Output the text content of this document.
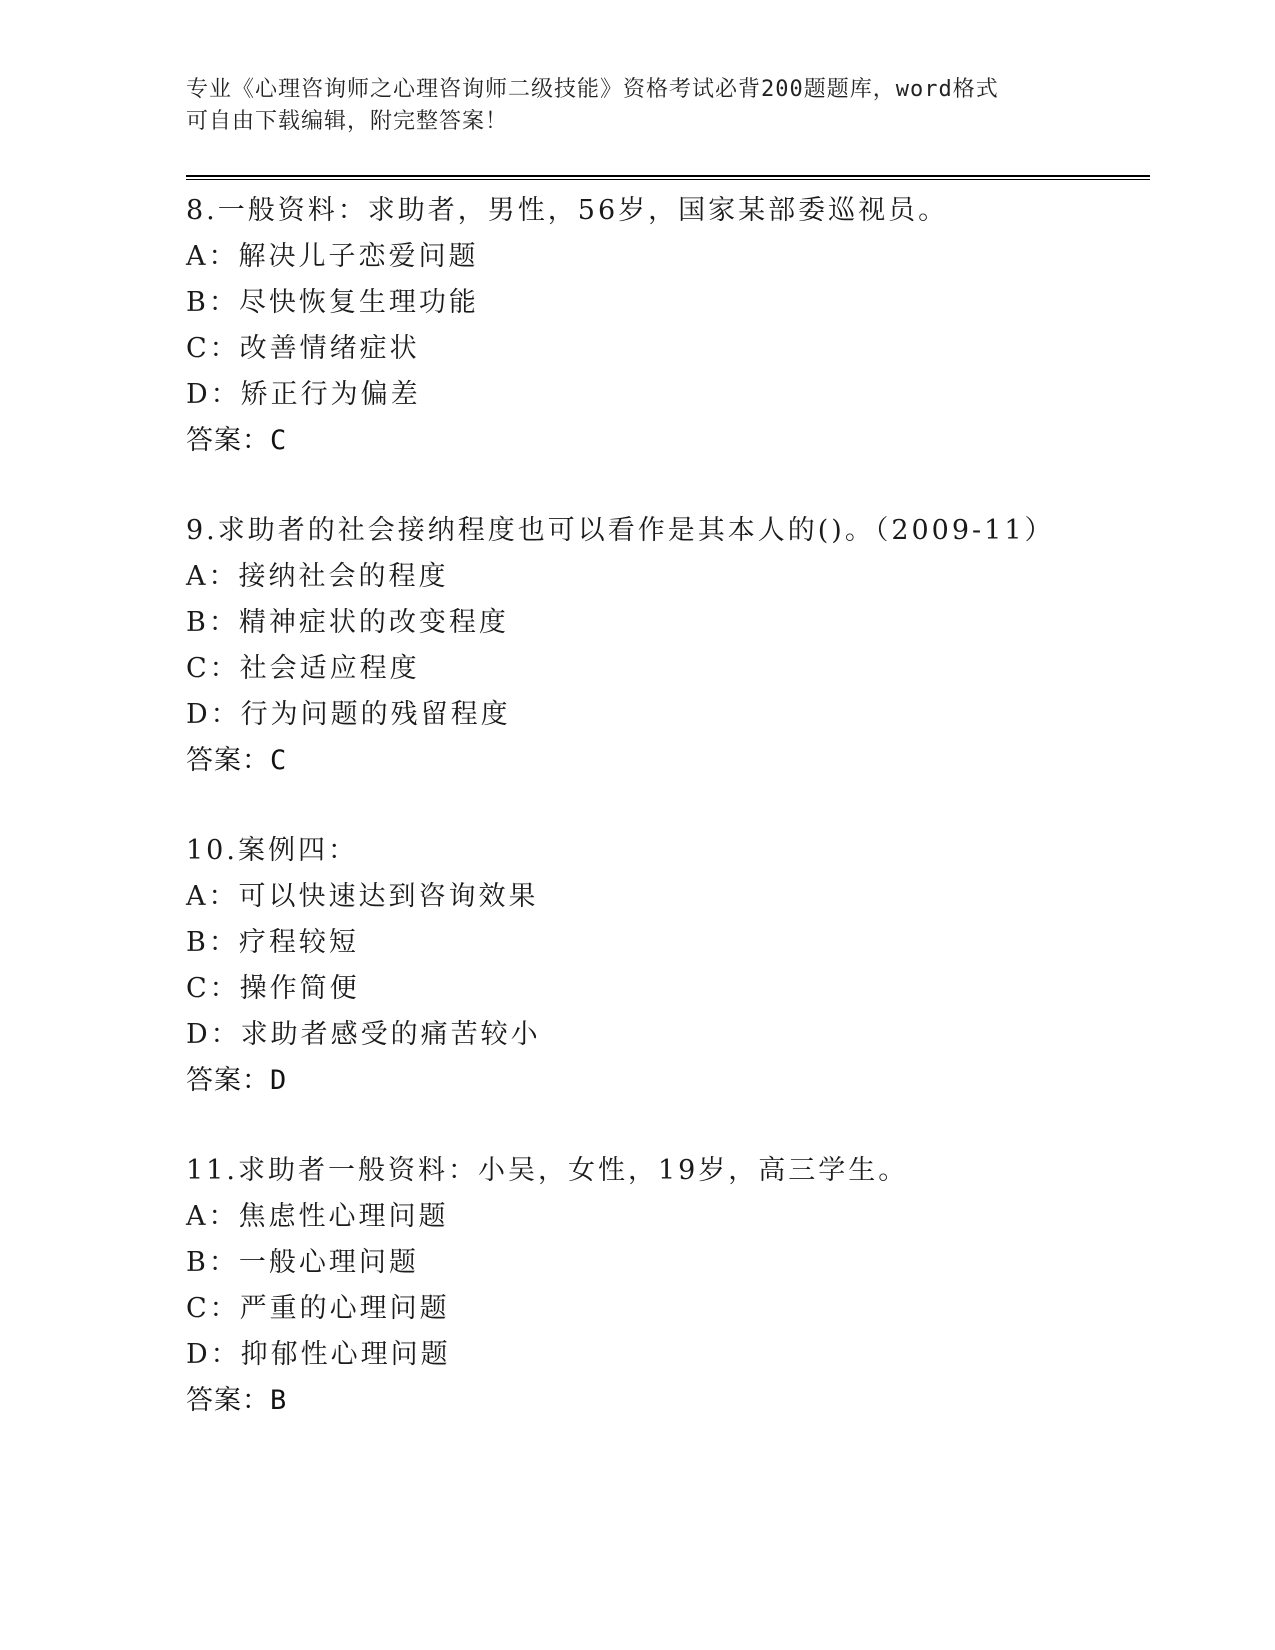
专业《心理咨询师之心理咨询师二级技能》资格考试必背200题题库，word格式
可自由下载编辑，附完整答案！
8.一般资料：求助者，男性，56岁，国家某部委巡视员。
A：解决儿子恋爱问题
B：尽快恢复生理功能
C：改善情绪症状
D：矫正行为偏差
答案：C
9.求助者的社会接纳程度也可以看作是其本人的()。（2009-11）
A：接纳社会的程度
B：精神症状的改变程度
C：社会适应程度
D：行为问题的残留程度
答案：C
10.案例四：
A：可以快速达到咨询效果
B：疗程较短
C：操作简便
D：求助者感受的痛苦较小
答案：D
11.求助者一般资料：小吴，女性，19岁，高三学生。
A：焦虑性心理问题
B：一般心理问题
C：严重的心理问题
D：抑郁性心理问题
答案：B
